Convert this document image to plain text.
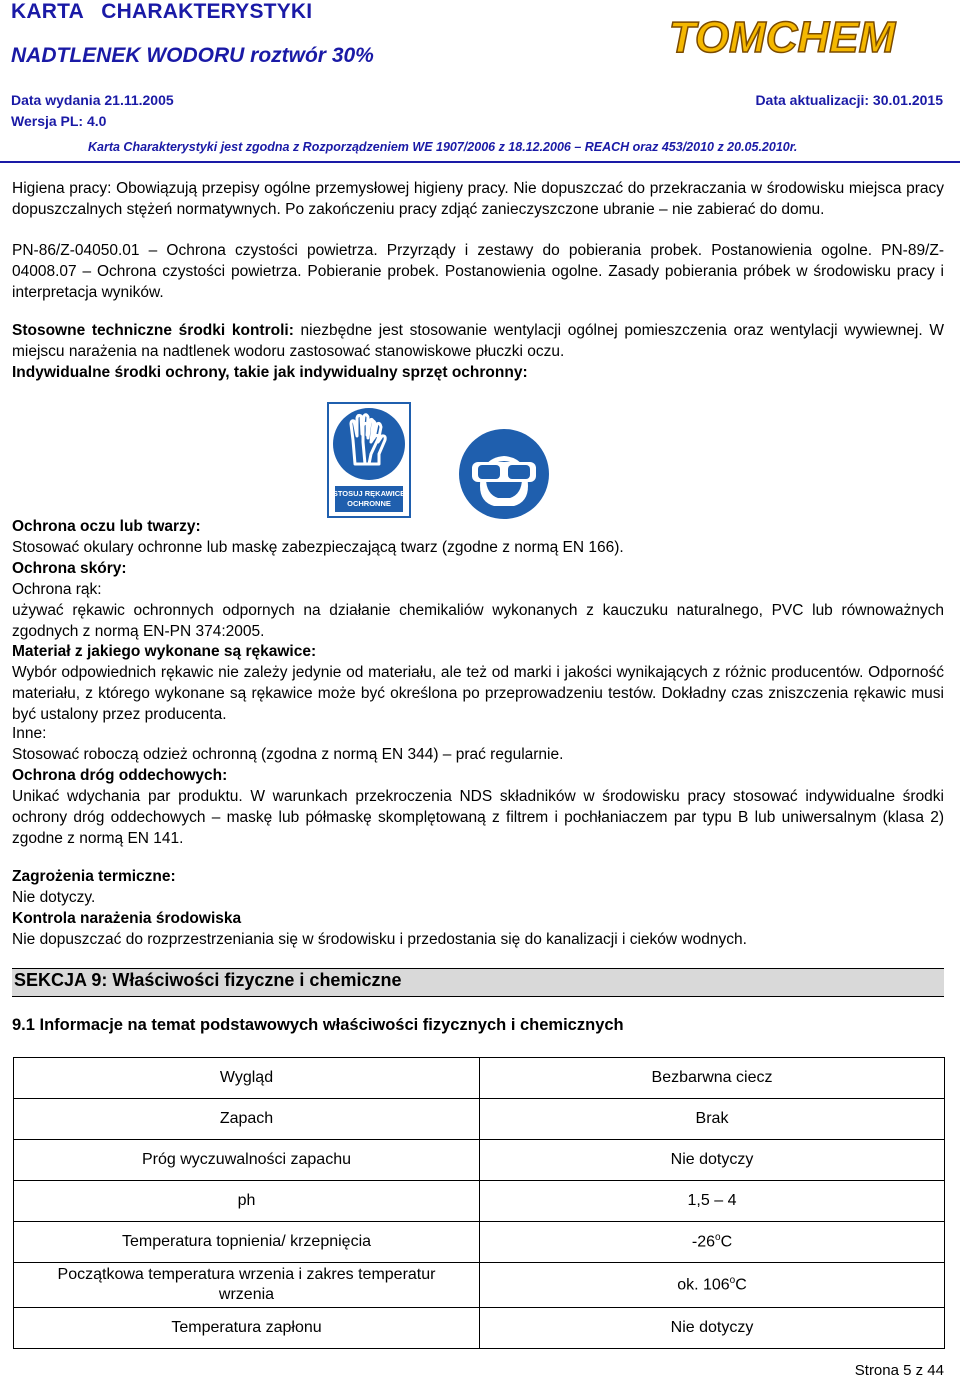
KARTA   CHARAKTERYSTYKI
NADTLENEK WODORU roztwór 30%
Data wydania 21.11.2005	Data aktualizacji: 30.01.2015
Wersja PL: 4.0
Karta Charakterystyki jest zgodna z Rozporządzeniem WE 1907/2006 z 18.12.2006 – REACH oraz 453/2010 z 20.05.2010r.
TOMCHEM

Higiena pracy: Obowiązują przepisy ogólne przemysłowej higieny pracy. Nie dopuszczać do przekraczania w środowisku miejsca pracy dopuszczalnych stężeń normatywnych. Po zakończeniu pracy zdjąć zanieczyszczone ubranie – nie zabierać do domu.

PN-86/Z-04050.01 – Ochrona czystości powietrza. Przyrządy i zestawy do pobierania probek. Postanowienia ogolne. PN-89/Z-04008.07 – Ochrona czystości powietrza. Pobieranie probek. Postanowienia ogolne. Zasady pobierania próbek w środowisku pracy i interpretacja wyników.

Stosowne techniczne środki kontroli: niezbędne jest stosowanie wentylacji ogólnej pomieszczenia oraz wentylacji wywiewnej. W miejscu narażenia na nadtlenek wodoru zastosować stanowiskowe płuczki oczu.

Indywidualne środki ochrony, takie jak indywidualny sprzęt ochronny:

STOSUJ RĘKAWICE
OCHRONNE

Ochrona oczu lub twarzy:

Stosować okulary ochronne lub maskę zabezpieczającą twarz (zgodne z normą EN 166).

Ochrona skóry:

Ochrona rąk:

używać rękawic ochronnych odpornych na działanie chemikaliów wykonanych z kauczuku naturalnego, PVC lub równoważnych zgodnych z normą EN-PN 374:2005.

Materiał z jakiego wykonane są rękawice:

Wybór odpowiednich rękawic nie zależy jedynie od materiału, ale też od marki i jakości wynikających z różnic producentów. Odporność materiału, z którego wykonane są rękawice może być określona po przeprowadzeniu testów. Dokładny czas zniszczenia rękawic musi być ustalony przez producenta.

Inne:

Stosować roboczą odzież ochronną (zgodna z normą EN 344) – prać regularnie.

Ochrona dróg oddechowych:

Unikać wdychania par produktu. W warunkach przekroczenia NDS składników w środowisku pracy stosować indywidualne środki ochrony dróg oddechowych – maskę lub półmaskę skomplętowaną z filtrem i pochłaniaczem par typu B lub uniwersalnym (klasa 2) zgodne z normą EN 141.

Zagrożenia termiczne:

Nie dotyczy.

Kontrola narażenia środowiska

Nie dopuszczać do rozprzestrzeniania się w środowisku i przedostania się do kanalizacji i cieków wodnych.

SEKCJA 9: Właściwości fizyczne i chemiczne
9.1 Informacje na temat podstawowych właściwości fizycznych i chemicznych
Wygląd	Bezbarwna ciecz
Zapach	Brak
Próg wyczuwalności zapachu	Nie dotyczy
ph	1,5 – 4
Temperatura topnienia/ krzepnięcia	-26$^o$C
Początkowa temperatura wrzenia i zakres temperatur wrzenia	ok. 106$^o$C
Temperatura zapłonu	Nie dotyczy
Strona 5 z 44
